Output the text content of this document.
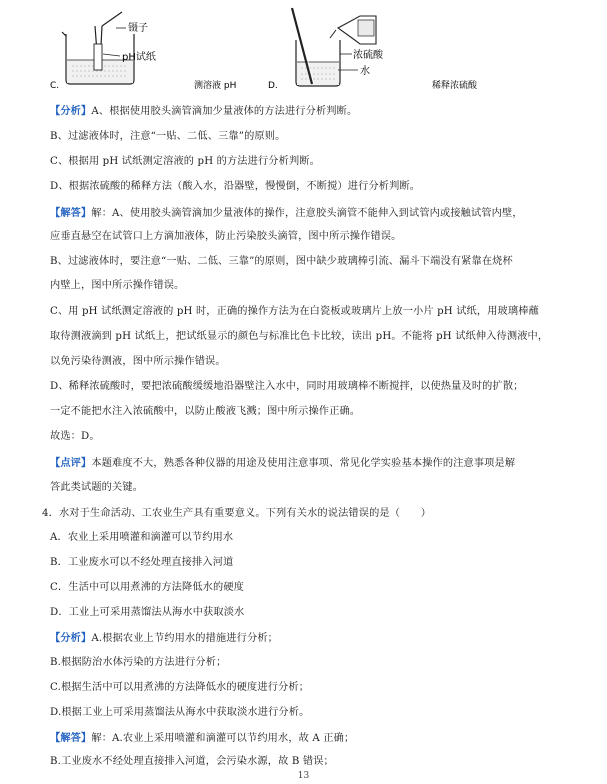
C.
镊子
pH试纸
测溶液 pH	D.
浓硫酸
水
稀释浓硫酸
【分析】A、根据使用胶头滴管滴加少量液体的方法进行分析判断。
B、过滤液体时，注意“一贴、二低、三靠”的原则。
C、根据用 pH 试纸测定溶液的 pH 的方法进行分析判断。
D、根据浓硫酸的稀释方法（酸入水，沿器壁，慢慢倒，不断搅）进行分析判断。
【解答】解：A、使用胶头滴管滴加少量液体的操作，注意胶头滴管不能伸入到试管内或接触试管内壁，
应垂直悬空在试管口上方滴加液体，防止污染胶头滴管，图中所示操作错误。
B、过滤液体时，要注意“一贴、二低、三靠”的原则，图中缺少玻璃棒引流、漏斗下端没有紧靠在烧杯
内壁上，图中所示操作错误。
C、用 pH 试纸测定溶液的 pH 时，正确的操作方法为在白瓷板或玻璃片上放一小片 pH 试纸，用玻璃棒蘸
取待测液滴到 pH 试纸上，把试纸显示的颜色与标准比色卡比较，读出 pH。不能将 pH 试纸伸入待测液中，
以免污染待测液，图中所示操作错误。
D、稀释浓硫酸时，要把浓硫酸缓缓地沿器壁注入水中，同时用玻璃棒不断搅拌，以使热量及时的扩散；
一定不能把水注入浓硫酸中，以防止酸液飞溅；图中所示操作正确。
故选：D。
【点评】本题难度不大，熟悉各种仪器的用途及使用注意事项、常见化学实验基本操作的注意事项是解
答此类试题的关键。
4．水对于生命活动、工农业生产具有重要意义。下列有关水的说法错误的是（　　）
A．农业上采用喷灌和滴灌可以节约用水
B．工业废水可以不经处理直接排入河道
C．生活中可以用煮沸的方法降低水的硬度
D．工业上可采用蒸馏法从海水中获取淡水
【分析】A.根据农业上节约用水的措施进行分析；
B.根据防治水体污染的方法进行分析；
C.根据生活中可以用煮沸的方法降低水的硬度进行分析；
D.根据工业上可采用蒸馏法从海水中获取淡水进行分析。
【解答】解：A.农业上采用喷灌和滴灌可以节约用水，故 A 正确；
B.工业废水不经处理直接排入河道，会污染水源，故 B 错误；
13
